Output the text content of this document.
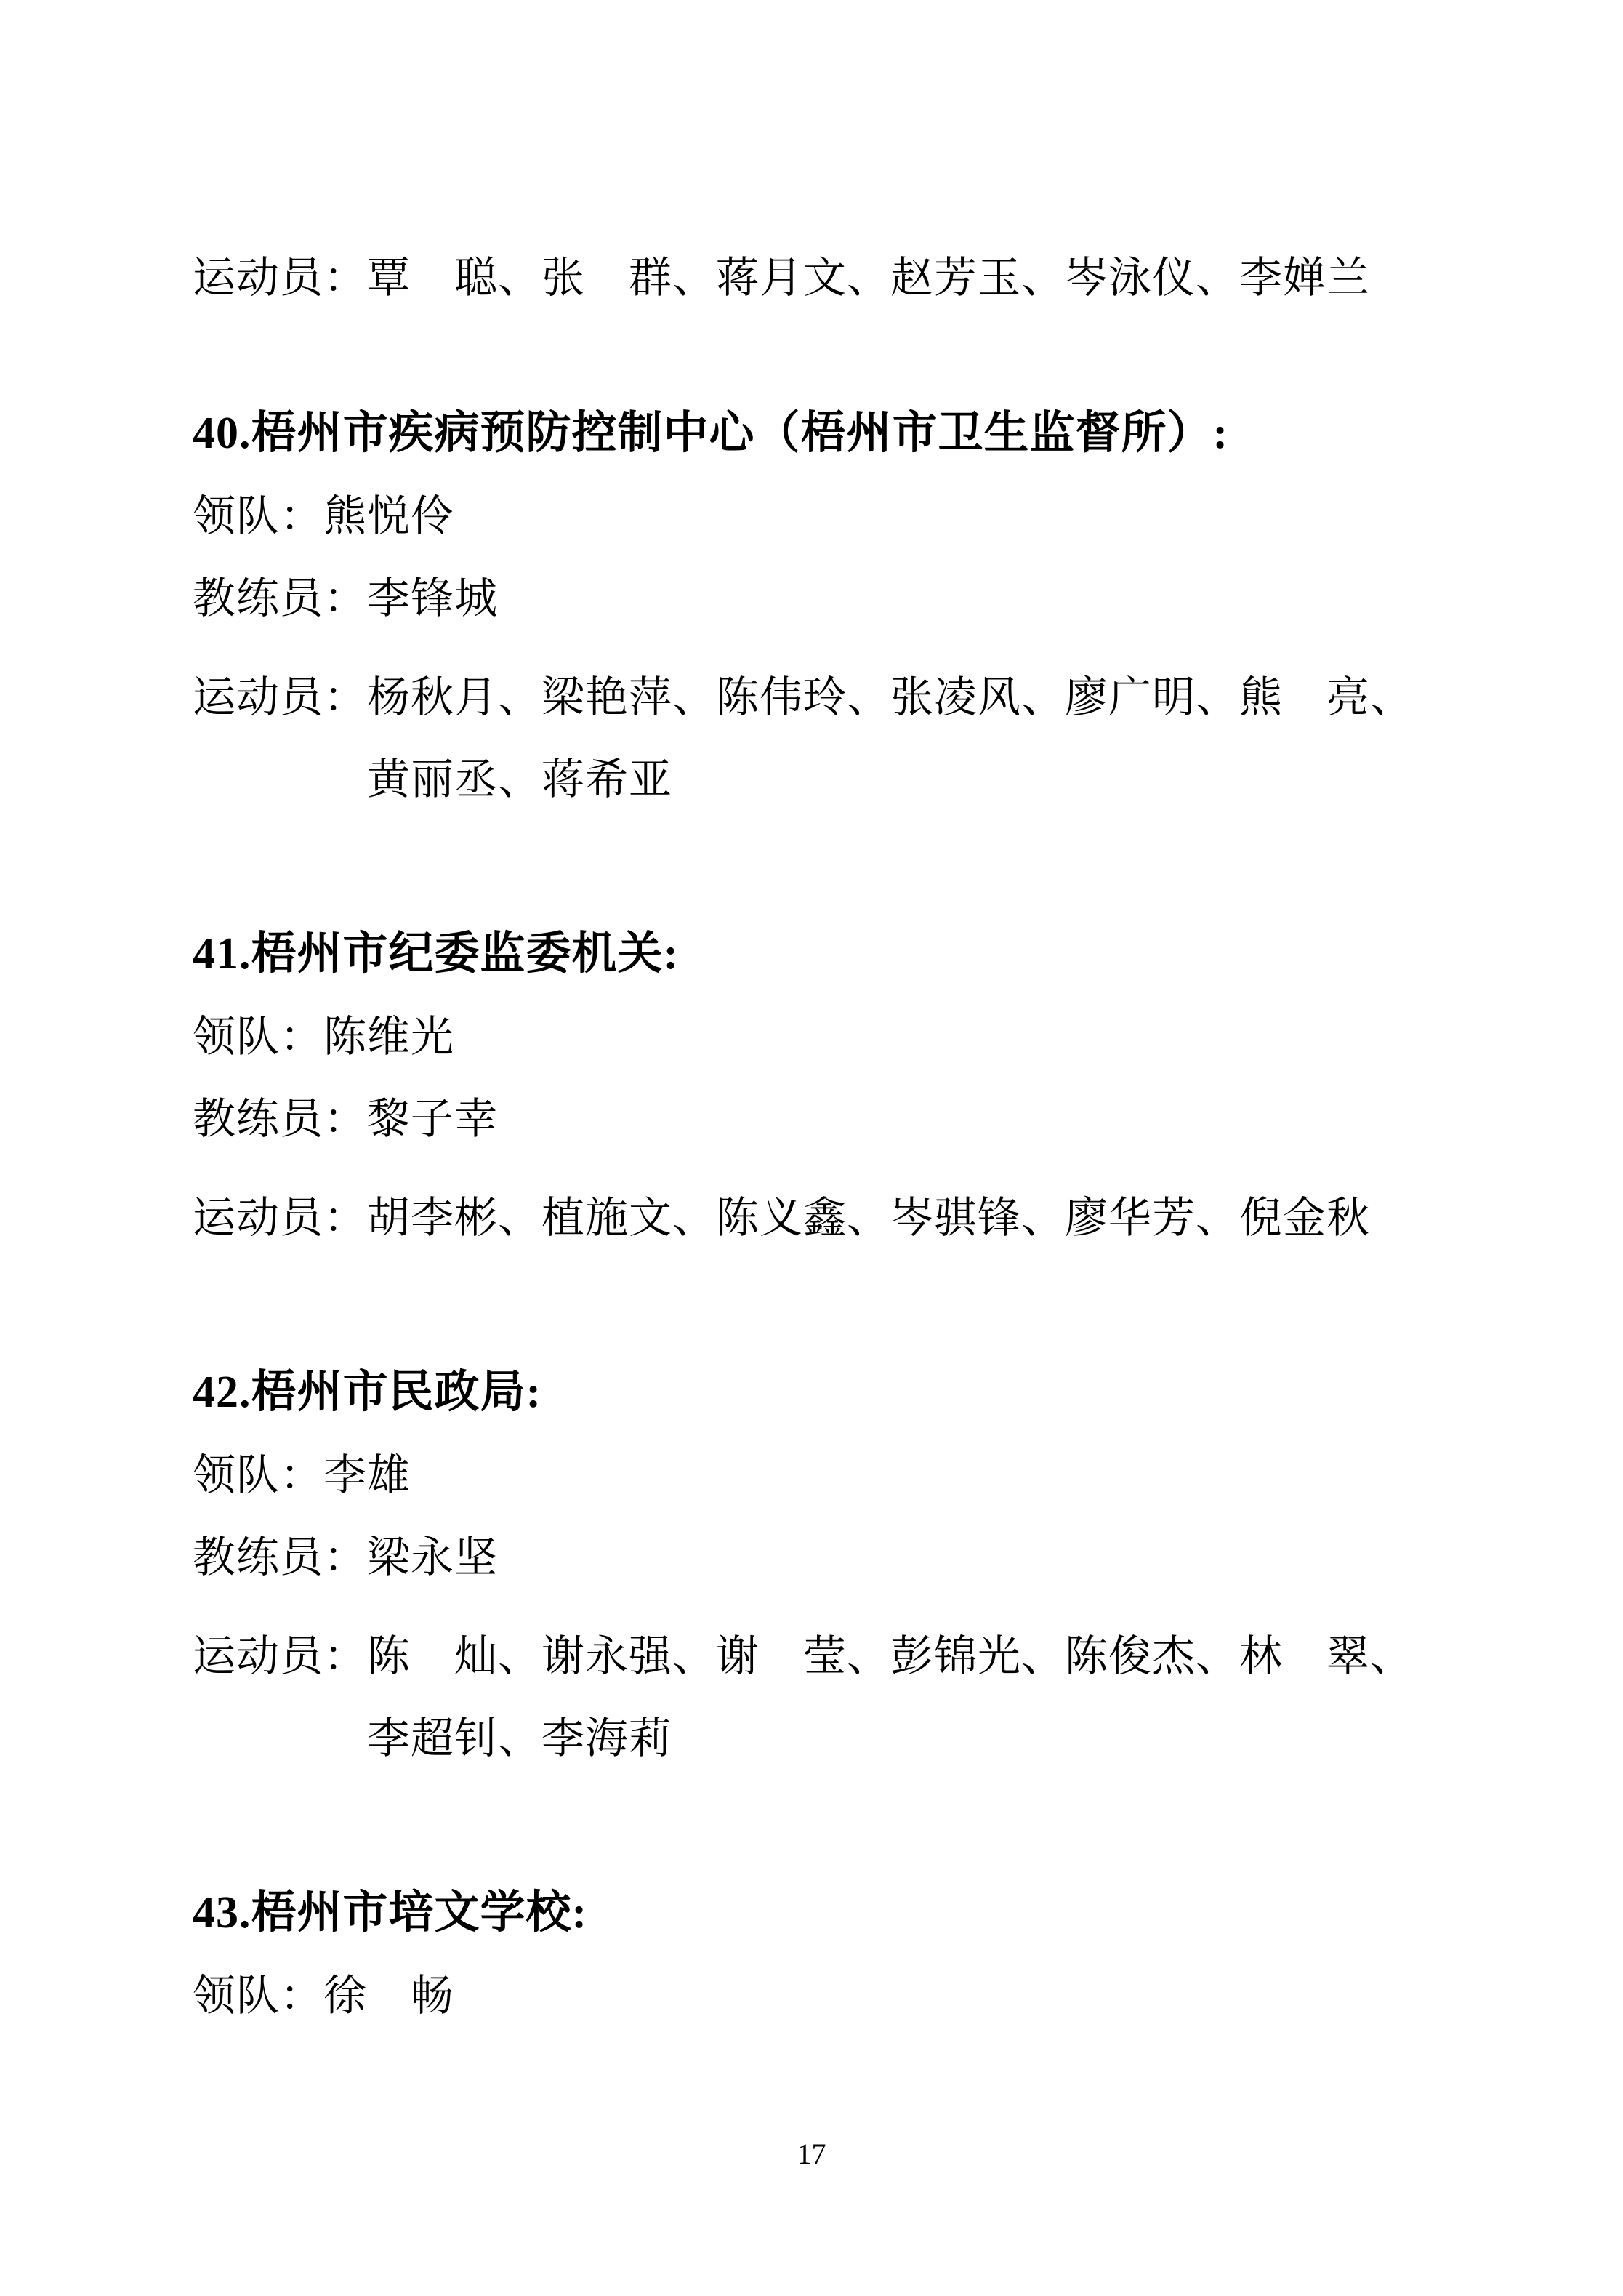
运动员：覃　聪、张　群、蒋月文、赵芳玉、岑泳仪、李婵兰

40.梧州市疾病预防控制中心（梧州市卫生监督所）:

领队：熊悦伶

教练员：李锋城

运动员：杨秋月、梁艳萍、陈伟玲、张凌风、廖广明、熊　亮、

黄丽丞、蒋希亚

41.梧州市纪委监委机关:

领队：陈维光

教练员：黎子幸

运动员：胡李彬、植施文、陈义鑫、岑骐锋、廖华芳、倪金秋

42.梧州市民政局:

领队：李雄

教练员：梁永坚

运动员：陈　灿、谢永强、谢　莹、彭锦光、陈俊杰、林　翠、

李超钊、李海莉

43.梧州市培文学校:

领队：徐　畅

17
